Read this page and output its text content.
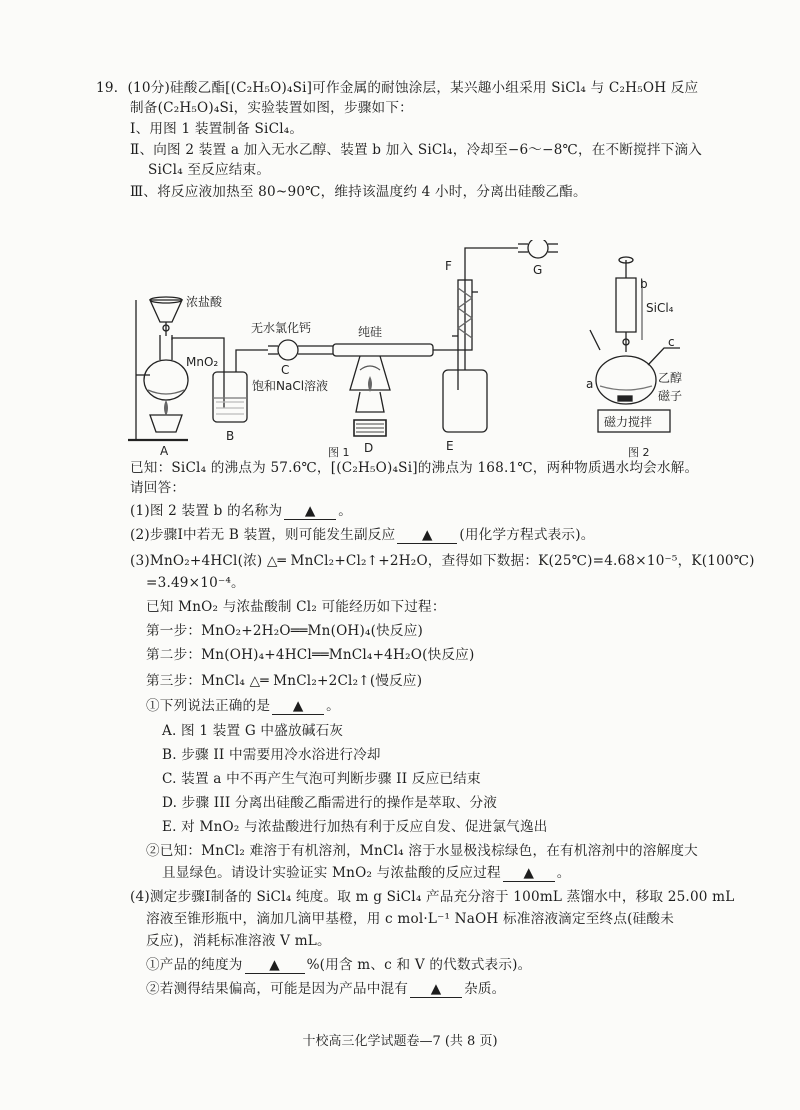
19．(10分)硅酸乙酯[(C₂H₅O)₄Si]可作金属的耐蚀涂层，某兴趣小组采用 SiCl₄ 与 C₂H₅OH 反应
制备(C₂H₅O)₄Si，实验装置如图，步骤如下：
Ⅰ、用图 1 装置制备 SiCl₄。
Ⅱ、向图 2 装置 a 加入无水乙醇、装置 b 加入 SiCl₄，冷却至−6～−8℃，在不断搅拌下滴入
SiCl₄ 至反应结束。
Ⅲ、将反应液加热至 80~90℃，维持该温度约 4 小时，分离出硅酸乙酯。
已知：SiCl₄ 的沸点为 57.6℃，[(C₂H₅O)₄Si]的沸点为 168.1℃，两种物质遇水均会水解。
请回答：
(1)图 2 装置 b 的名称为 ▲ 。
(2)步骤Ⅰ中若无 B 装置，则可能发生副反应 ▲ (用化学方程式表示)。
(3)MnO₂+4HCl(浓) △═ MnCl₂+Cl₂↑+2H₂O，查得如下数据：K(25℃)=4.68×10⁻⁵，K(100℃)
=3.49×10⁻⁴。
已知 MnO₂ 与浓盐酸制 Cl₂ 可能经历如下过程：
第一步：MnO₂+2H₂O══Mn(OH)₄(快反应)
第二步：Mn(OH)₄+4HCl══MnCl₄+4H₂O(快反应)
第三步：MnCl₄ △═ MnCl₂+2Cl₂↑(慢反应)
①下列说法正确的是 ▲ 。
A. 图 1 装置 G 中盛放碱石灰
B. 步骤 II 中需要用冷水浴进行冷却
C. 装置 a 中不再产生气泡可判断步骤 II 反应已结束
D. 步骤 III 分离出硅酸乙酯需进行的操作是萃取、分液
E. 对 MnO₂ 与浓盐酸进行加热有利于反应自发、促进氯气逸出
②已知：MnCl₂ 难溶于有机溶剂，MnCl₄ 溶于水显极浅棕绿色，在有机溶剂中的溶解度大
且显绿色。请设计实验证实 MnO₂ 与浓盐酸的反应过程 ▲ 。
(4)测定步骤Ⅰ制备的 SiCl₄ 纯度。取 m g SiCl₄ 产品充分溶于 100mL 蒸馏水中，移取 25.00 mL
溶液至锥形瓶中，滴加几滴甲基橙，用 c mol·L⁻¹ NaOH 标准溶液滴定至终点(硅酸未
反应)，消耗标准溶液 V mL。
①产品的纯度为 ▲ %(用含 m、c 和 V 的代数式表示)。
②若测得结果偏高，可能是因为产品中混有 ▲ 杂质。
浓盐酸
MnO₂
A
B
饱和NaCl溶液
无水氯化钙
C
纯硅
D	E
F	G
b
SiCl₄
c
a	乙醇
磁子
磁力搅拌
图 1	图 2
十校高三化学试题卷—7 (共 8 页)
